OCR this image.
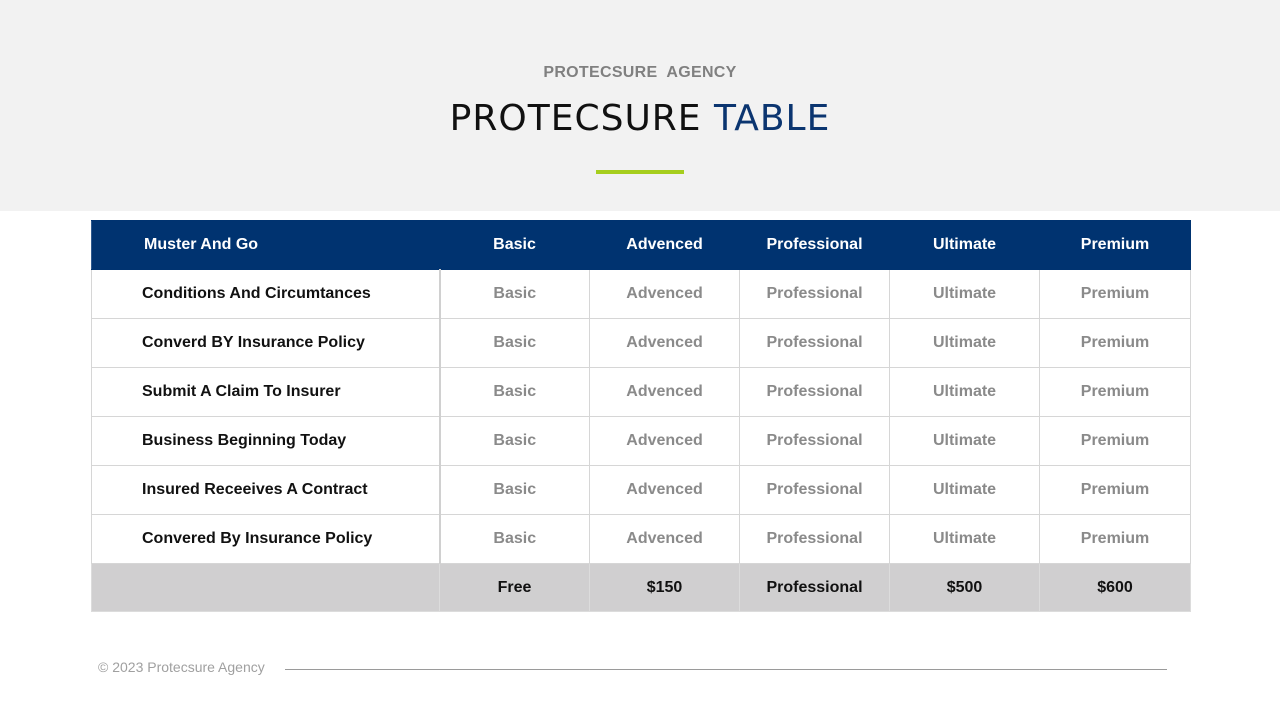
PROTECSURE  AGENCY
PROTECSURE TABLE
Muster And Go	Basic	Advenced	Professional	Ultimate	Premium
Conditions And Circumtances	Basic	Advenced	Professional	Ultimate	Premium
Converd BY Insurance Policy	Basic	Advenced	Professional	Ultimate	Premium
Submit A Claim To Insurer	Basic	Advenced	Professional	Ultimate	Premium
Business Beginning Today	Basic	Advenced	Professional	Ultimate	Premium
Insured Receeives A Contract	Basic	Advenced	Professional	Ultimate	Premium
Convered By Insurance Policy	Basic	Advenced	Professional	Ultimate	Premium
	Free	$150	Professional	$500	$600
© 2023 Protecsure Agency
